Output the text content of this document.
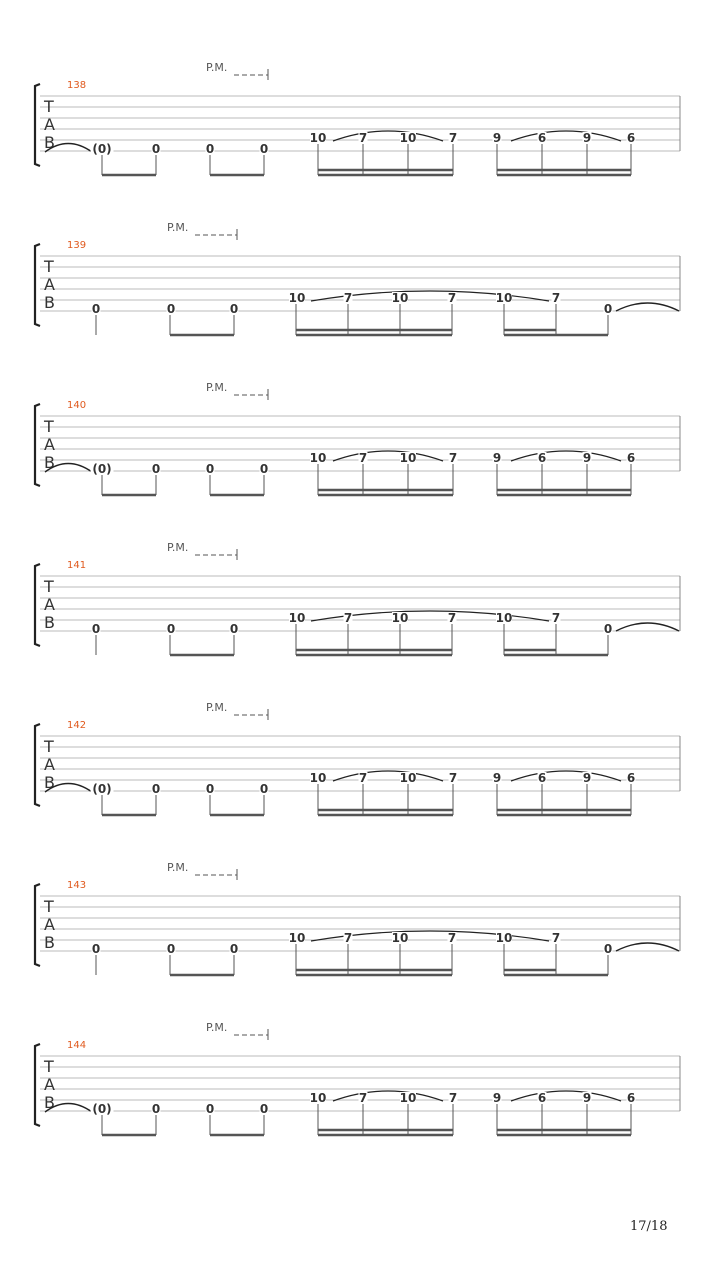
T
A
B
138
P.M.
(0)	0	0	0
10	7	10	7	9	6	9	6
T
A
B
139
P.M.
0	0	0
10	7	10	7	10	7
0
T
A
B
140
P.M.
(0)	0	0	0
10	7	10	7	9	6	9	6
T
A
B
141
P.M.
0	0	0
10	7	10	7	10	7
0
T
A
B
142
P.M.
(0)	0	0	0
10	7	10	7	9	6	9	6
T
A
B
143
P.M.
0	0	0
10	7	10	7	10	7
0
T
A
B
144
P.M.
(0)	0	0	0
10	7	10	7	9	6	9	6
17/18
